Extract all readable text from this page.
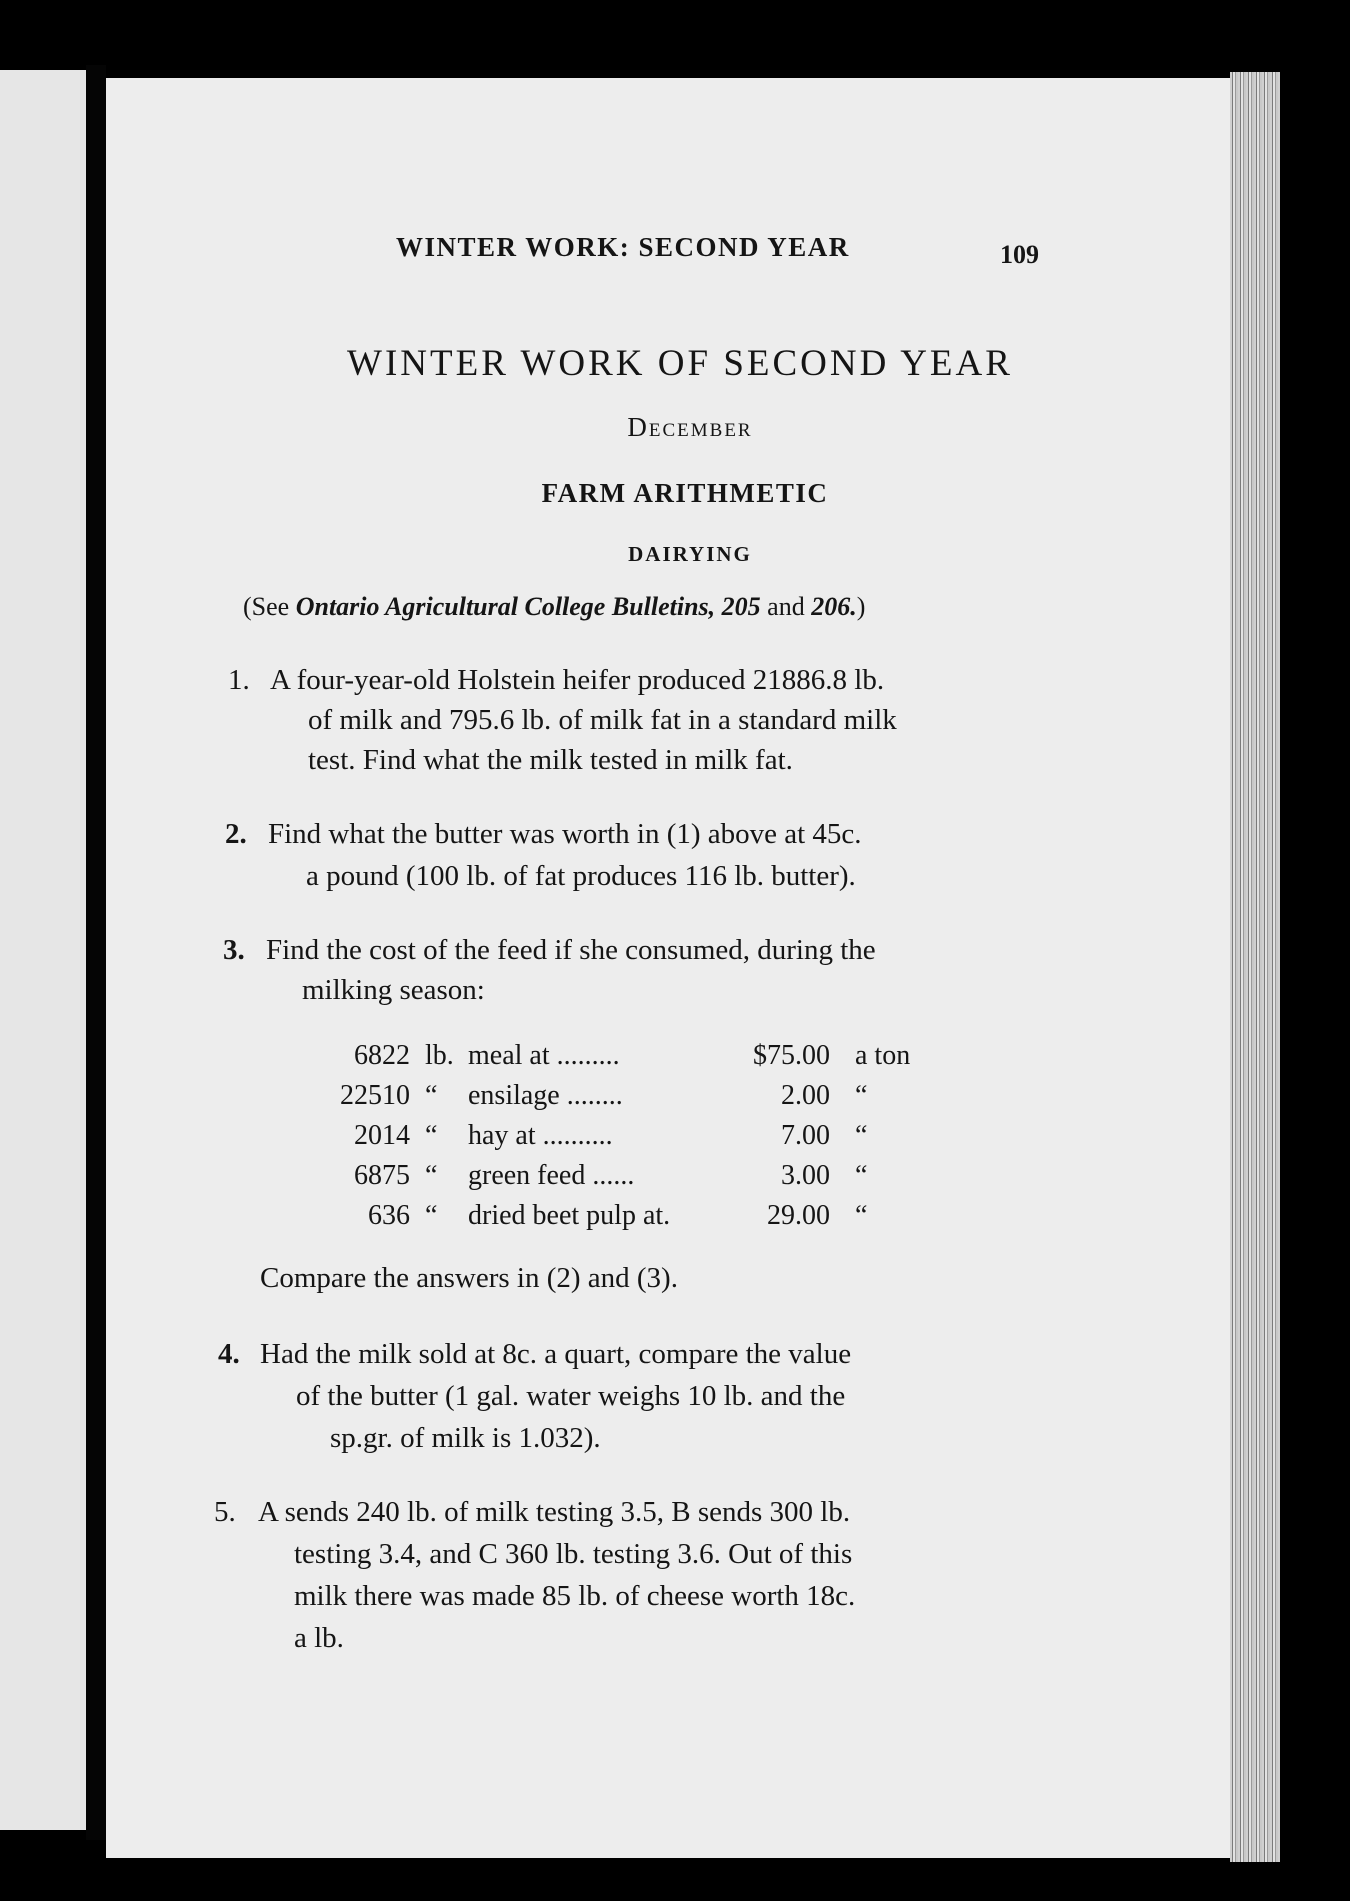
WINTER WORK: SECOND YEAR	109
WINTER WORK OF SECOND YEAR
December
FARM ARITHMETIC
DAIRYING
(See Ontario Agricultural College Bulletins, 205 and 206.)
1. A four-year-old Holstein heifer produced 21886.8 lb.
of milk and 795.6 lb. of milk fat in a standard milk
test. Find what the milk tested in milk fat.
2. Find what the butter was worth in (1) above at 45c.
a pound (100 lb. of fat produces 116 lb. butter).
3. Find the cost of the feed if she consumed, during the
milking season:
6822 lb. meal at .........	$75.00 a ton
22510 “ ensilage ........	2.00 “
2014 “ hay at ..........	7.00 “
6875 “ green feed ......	3.00 “
636 “ dried beet pulp at.	29.00 “
Compare the answers in (2) and (3).
4. Had the milk sold at 8c. a quart, compare the value
of the butter (1 gal. water weighs 10 lb. and the
sp.gr. of milk is 1.032).
5. A sends 240 lb. of milk testing 3.5, B sends 300 lb.
testing 3.4, and C 360 lb. testing 3.6. Out of this
milk there was made 85 lb. of cheese worth 18c.
a lb.
